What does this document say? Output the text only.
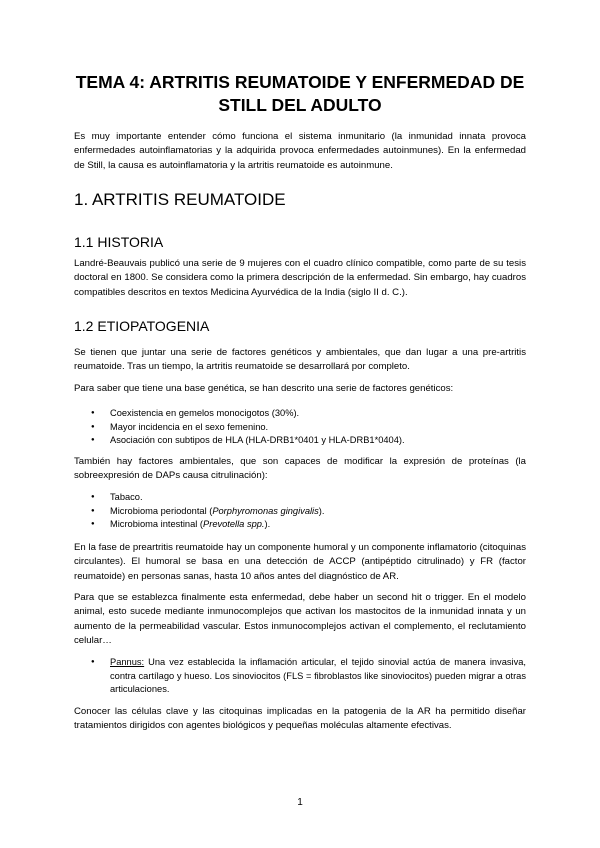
TEMA 4: ARTRITIS REUMATOIDE Y ENFERMEDAD DE STILL DEL ADULTO

Es muy importante entender cómo funciona el sistema inmunitario (la inmunidad innata provoca enfermedades autoinflamatorias y la adquirida provoca enfermedades autoinmunes). En la enfermedad de Still, la causa es autoinflamatoria y la artritis reumatoide es autoinmune.

1. ARTRITIS REUMATOIDE
1.1 HISTORIA

Landré-Beauvais publicó una serie de 9 mujeres con el cuadro clínico compatible, como parte de su tesis doctoral en 1800. Se considera como la primera descripción de la enfermedad. Sin embargo, hay cuadros compatibles descritos en textos Medicina Ayurvédica de la India (siglo II d. C.).

1.2 ETIOPATOGENIA

Se tienen que juntar una serie de factores genéticos y ambientales, que dan lugar a una pre-artritis reumatoide. Tras un tiempo, la artritis reumatoide se desarrollará por completo.

Para saber que tiene una base genética, se han descrito una serie de factores genéticos:

● Coexistencia en gemelos monocigotos (30%).
● Mayor incidencia en el sexo femenino.
● Asociación con subtipos de HLA (HLA-DRB1*0401 y HLA-DRB1*0404).

También hay factores ambientales, que son capaces de modificar la expresión de proteínas (la sobreexpresión de DAPs causa citrulinación):

● Tabaco.
● Microbioma periodontal (Porphyromonas gingivalis).
● Microbioma intestinal (Prevotella spp.).

En la fase de preartritis reumatoide hay un componente humoral y un componente inflamatorio (citoquinas circulantes). El humoral se basa en una detección de ACCP (antipéptido citrulinado) y FR (factor reumatoide) en personas sanas, hasta 10 años antes del diagnóstico de AR.

Para que se establezca finalmente esta enfermedad, debe haber un second hit o trigger. En el modelo animal, esto sucede mediante inmunocomplejos que activan los mastocitos de la inmunidad innata y un aumento de la permeabilidad vascular. Estos inmunocomplejos activan el complemento, el reclutamiento celular…

● Pannus: Una vez establecida la inflamación articular, el tejido sinovial actúa de manera invasiva, contra cartílago y hueso. Los sinoviocitos (FLS = fibroblastos like sinoviocitos) pueden migrar a otras articulaciones.

Conocer las células clave y las citoquinas implicadas en la patogenia de la AR ha permitido diseñar tratamientos dirigidos con agentes biológicos y pequeñas moléculas altamente efectivas.

1
